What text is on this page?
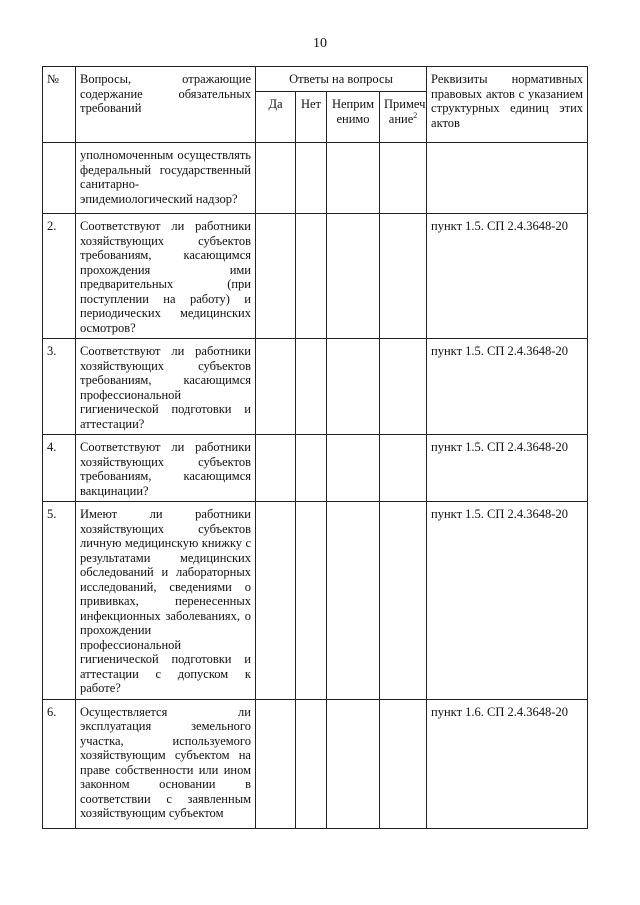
10
№	Вопросы, отражающие содержание обязательных требований	Ответы на вопросы				Реквизиты нормативных правовых актов с указанием структурных единиц этих актов
		Да	Нет	Неприм енимо	Примеч ание$^2$
	уполномоченным осуществлять федеральный государственный санитарно-эпидемиологический надзор?					
2.	Соответствуют ли работники хозяйствующих субъектов требованиям, касающимся прохождения ими предварительных (при поступлении на работу) и периодических медицинских осмотров?					пункт 1.5. СП 2.4.3648-20
3.	Соответствуют ли работники хозяйствующих субъектов требованиям, касающимся профессиональной гигиенической подготовки и аттестации?					пункт 1.5. СП 2.4.3648-20
4.	Соответствуют ли работники хозяйствующих субъектов требованиям, касающимся вакцинации?					пункт 1.5. СП 2.4.3648-20
5.	Имеют ли работники хозяйствующих субъектов личную медицинскую книжку с результатами медицинских обследований и лабораторных исследований, сведениями о прививках, перенесенных инфекционных заболеваниях, о прохождении профессиональной гигиенической подготовки и аттестации с допуском к работе?					пункт 1.5. СП 2.4.3648-20
6.	Осуществляется ли эксплуатация земельного участка, используемого хозяйствующим субъектом на праве собственности или ином законном основании в соответствии с заявленным хозяйствующим субъектом					пункт 1.6. СП 2.4.3648-20
